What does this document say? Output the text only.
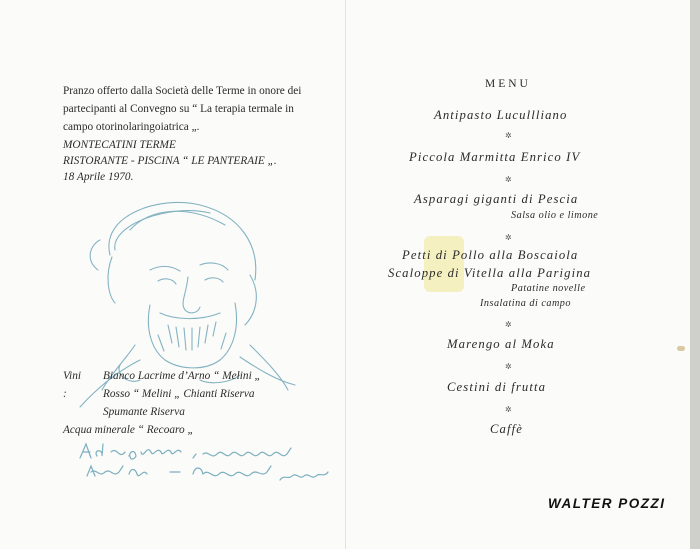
Pranzo offerto dalla Società delle Terme in onore dei
partecipanti al Convegno su “ La terapia termale in
campo otorinolaringoiatrica „.
MONTECATINI TERME
RISTORANTE - PISCINA “ LE PANTERAIE „.
18 Aprile 1970.
Vini :
Bianco Lacrime d’Arno “ Melini „
Rosso “ Melini „ Chianti Riserva
Spumante Riserva
Acqua minerale “ Recoaro „
MENU
Antipasto Lucullliano
✲
Piccola Marmitta Enrico IV
✲
Asparagi giganti di Pescia
Salsa olio e limone
✲
Petti di Pollo alla Boscaiola
Scaloppe di Vitella alla Parigina
Patatine novelle
Insalatina di campo
✲
Marengo al Moka
✲
Cestini di frutta
✲
Caffè
WALTER POZZI
